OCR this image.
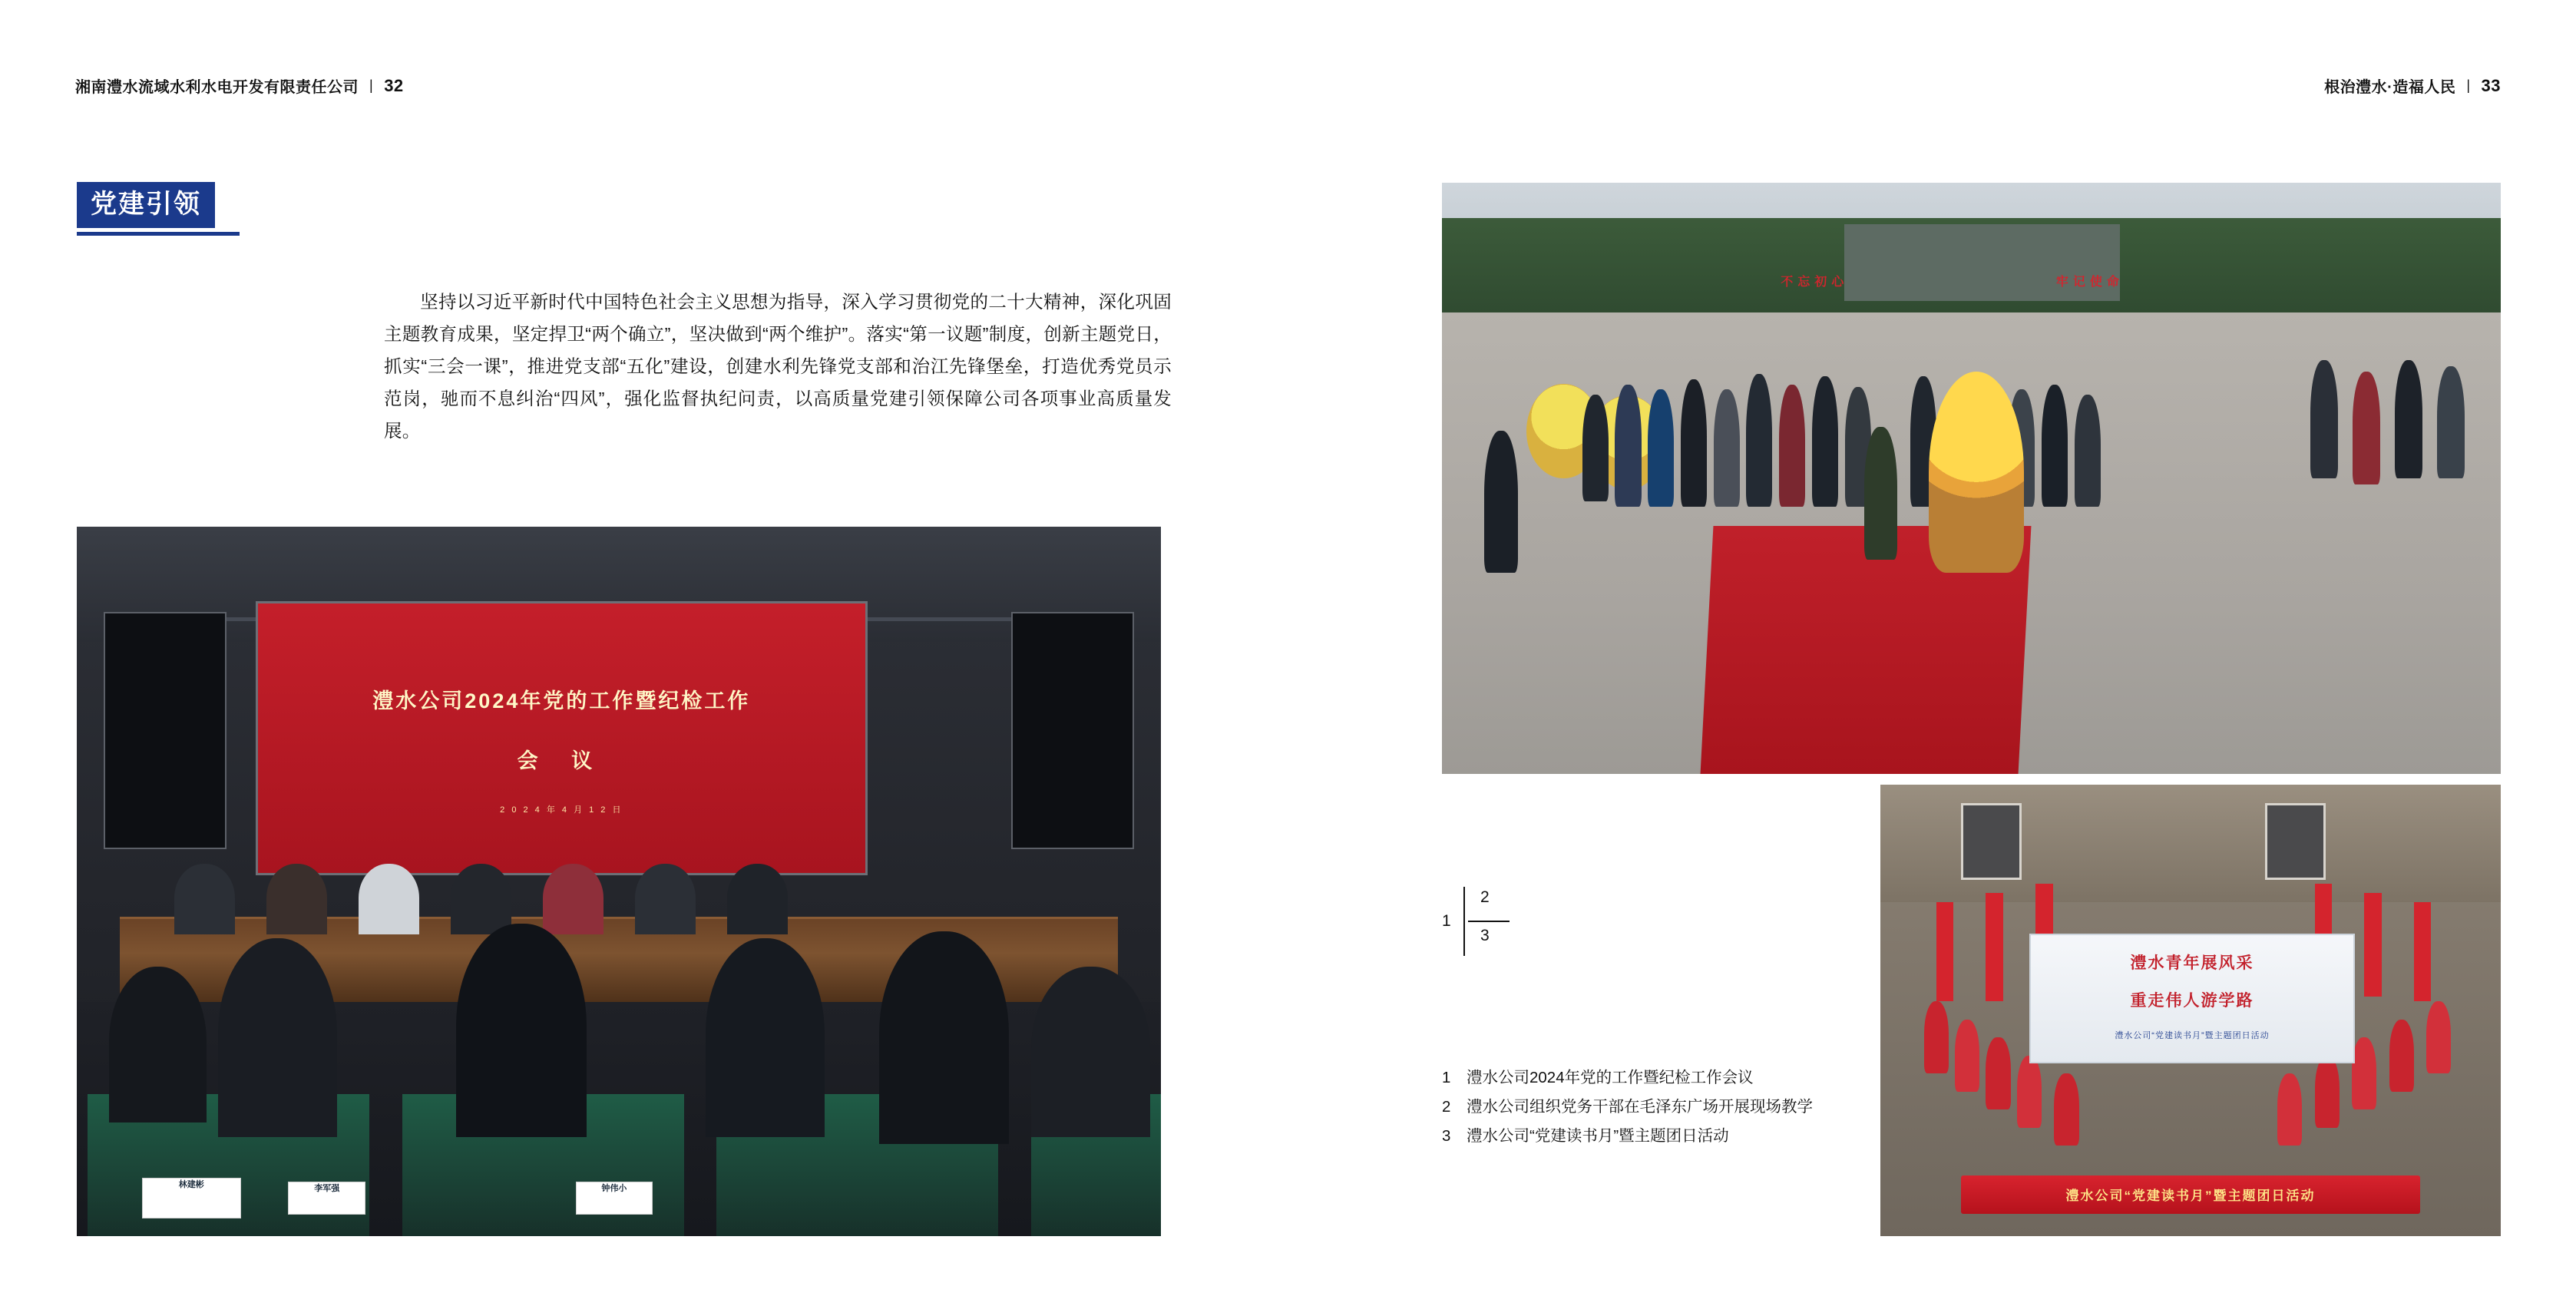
湘南澧水流域水利水电开发有限责任公司 | 32	根治澧水·造福人民 | 33
党建引领
坚持以习近平新时代中国特色社会主义思想为指导，深入学习贯彻党的二十大精神，深化巩固主题教育成果，坚定捍卫“两个确立”，坚决做到“两个维护”。落实“第一议题”制度，创新主题党日，抓实“三会一课”，推进党支部“五化”建设，创建水利先锋党支部和治江先锋堡垒，打造优秀党员示范岗，驰而不息纠治“四风”，强化监督执纪问责，以高质量党建引领保障公司各项事业高质量发展。
澧水公司2024年党的工作暨纪检工作
会 议
2 0 2 4 年 4 月 1 2 日
林建彬	李军强	钟伟小
不忘初心	牢记使命
澧水青年展风采
重走伟人游学路
澧水公司“党建读书月”暨主题团日活动
澧水公司“党建读书月”暨主题团日活动
1
2
3
1 澧水公司2024年党的工作暨纪检工作会议
2 澧水公司组织党务干部在毛泽东广场开展现场教学
3 澧水公司“党建读书月”暨主题团日活动
